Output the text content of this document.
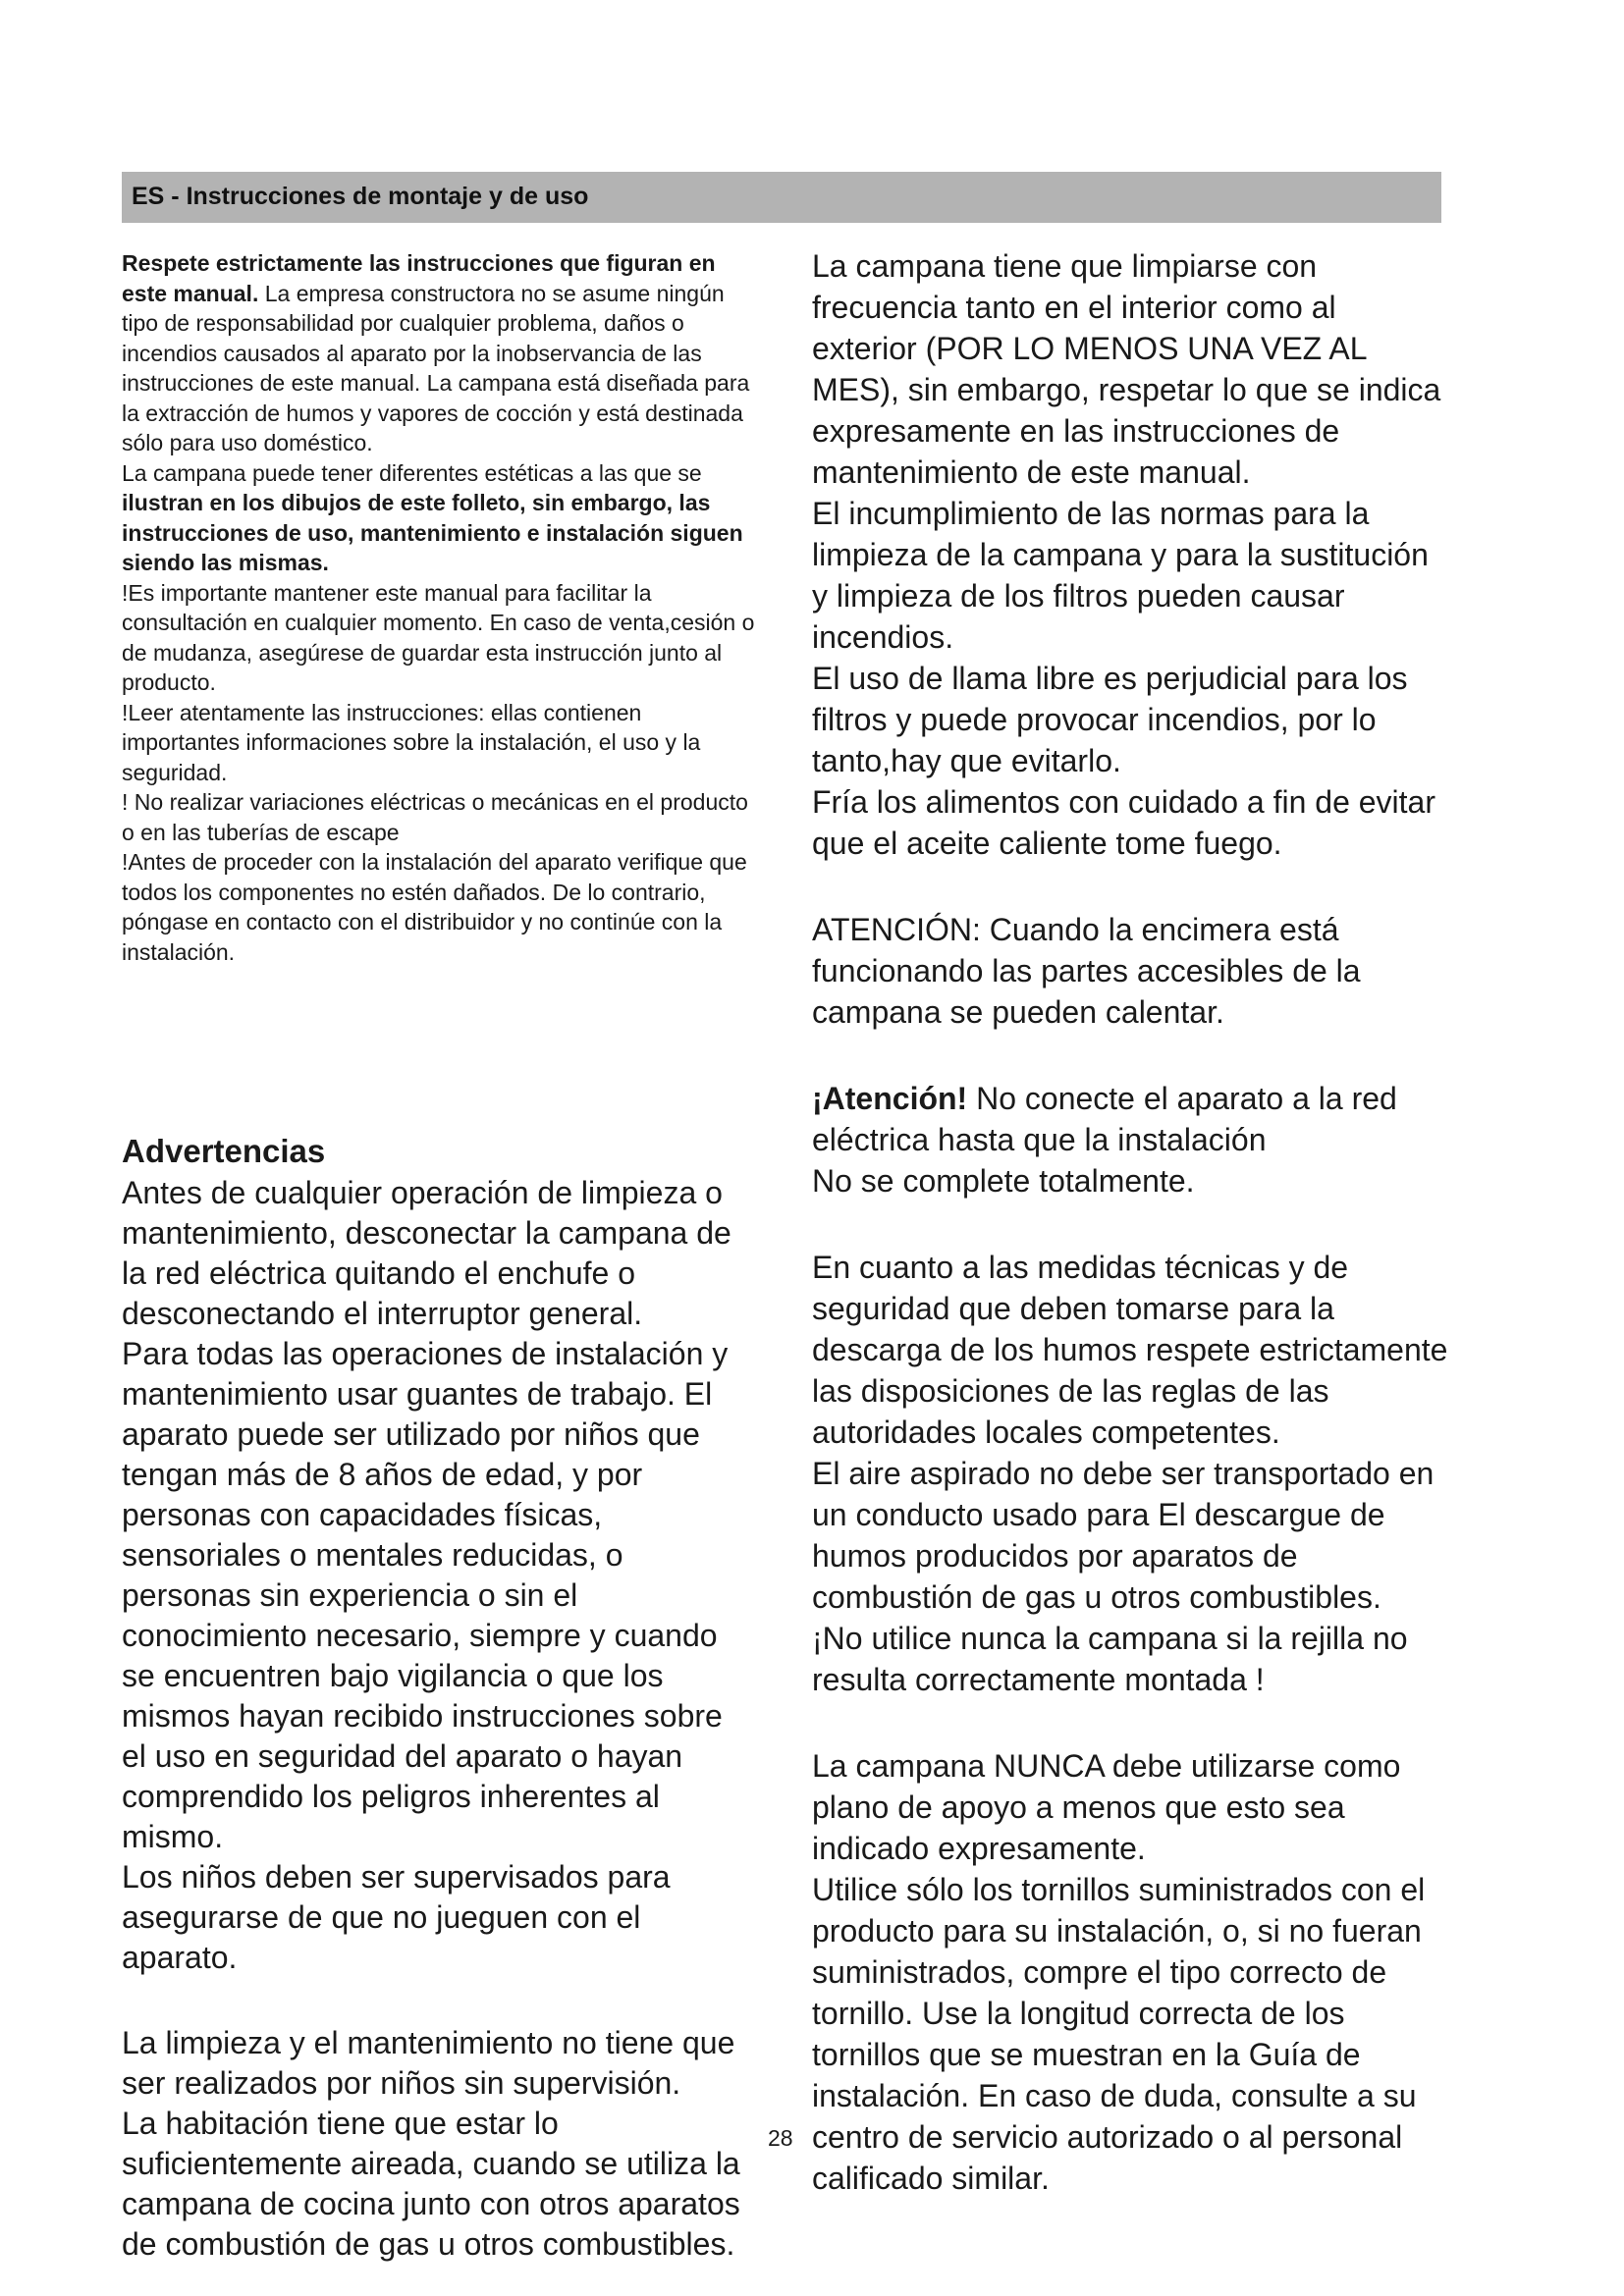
ES - Instrucciones de montaje y de uso

Respete estrictamente las instrucciones que figuran en este manual. La empresa constructora no se asume ningún tipo de responsabilidad por cualquier problema, daños o incendios causados al aparato por la inobservancia de las instrucciones de este manual. La campana está diseñada para la extracción de humos y vapores de cocción y está destinada sólo para uso doméstico.

La campana puede tener diferentes estéticas a las que se ilustran en los dibujos de este folleto, sin embargo, las instrucciones de uso, mantenimiento e instalación siguen siendo las mismas.

!Es importante mantener este manual para facilitar la consultación en cualquier momento. En caso de venta,cesión o de mudanza, asegúrese de guardar esta instrucción junto al producto.

!Leer atentamente las instrucciones: ellas contienen importantes informaciones sobre la instalación, el uso y la seguridad.

! No realizar variaciones eléctricas o mecánicas en el producto o en las tuberías de escape

!Antes de proceder con la instalación del aparato verifique que todos los componentes no estén dañados. De lo contrario, póngase en contacto con el distribuidor y no continúe con la instalación.

Advertencias

Antes de cualquier operación de limpieza o mantenimiento, desconectar la campana de la red eléctrica quitando el enchufe o desconectando el interruptor general.

Para todas las operaciones de instalación y mantenimiento usar guantes de trabajo. El aparato puede ser utilizado por niños que tengan más de 8 años de edad, y por personas con capacidades físicas, sensoriales o mentales reducidas, o personas sin experiencia o sin el conocimiento necesario, siempre y cuando se encuentren bajo vigilancia o que los mismos hayan recibido instrucciones sobre el uso en seguridad del aparato o hayan comprendido los peligros inherentes al mismo.

Los niños deben ser supervisados para asegurarse de que no jueguen con el aparato.

La limpieza y el mantenimiento no tiene que ser realizados por niños sin supervisión.

La habitación tiene que estar lo suficientemente aireada, cuando se utiliza la campana de cocina junto con otros aparatos de combustión de gas u otros combustibles.

La campana tiene que limpiarse con frecuencia tanto en el interior como al exterior (POR LO MENOS UNA VEZ AL MES), sin embargo, respetar lo que se indica expresamente en las instrucciones de mantenimiento de este manual.

El incumplimiento de las normas para la limpieza de la campana y para la sustitución y limpieza de los filtros pueden causar incendios.

El uso de llama libre es perjudicial para los filtros y puede provocar incendios, por lo tanto,hay que evitarlo.

Fría los alimentos con cuidado a fin de evitar que el aceite caliente tome fuego.

ATENCIÓN: Cuando la encimera está funcionando las partes accesibles de la campana se pueden calentar.

¡Atención! No conecte el aparato a la red eléctrica hasta que la instalación

No se complete totalmente.

En cuanto a las medidas técnicas y de seguridad que deben tomarse para la descarga de los humos respete estrictamente las disposiciones de las reglas de las autoridades locales competentes.

El aire aspirado no debe ser transportado en un conducto usado para El descargue de humos producidos por aparatos de combustión de gas u otros combustibles.

¡No utilice nunca la campana si la rejilla no resulta correctamente montada !

La campana NUNCA debe utilizarse como plano de apoyo a menos que esto sea indicado expresamente.

Utilice sólo los tornillos suministrados con el producto para su instalación, o, si no fueran suministrados, compre el tipo correcto de tornillo. Use la longitud correcta de los tornillos que se muestran en la Guía de instalación. En caso de duda, consulte a su centro de servicio autorizado o al personal calificado similar.

28
